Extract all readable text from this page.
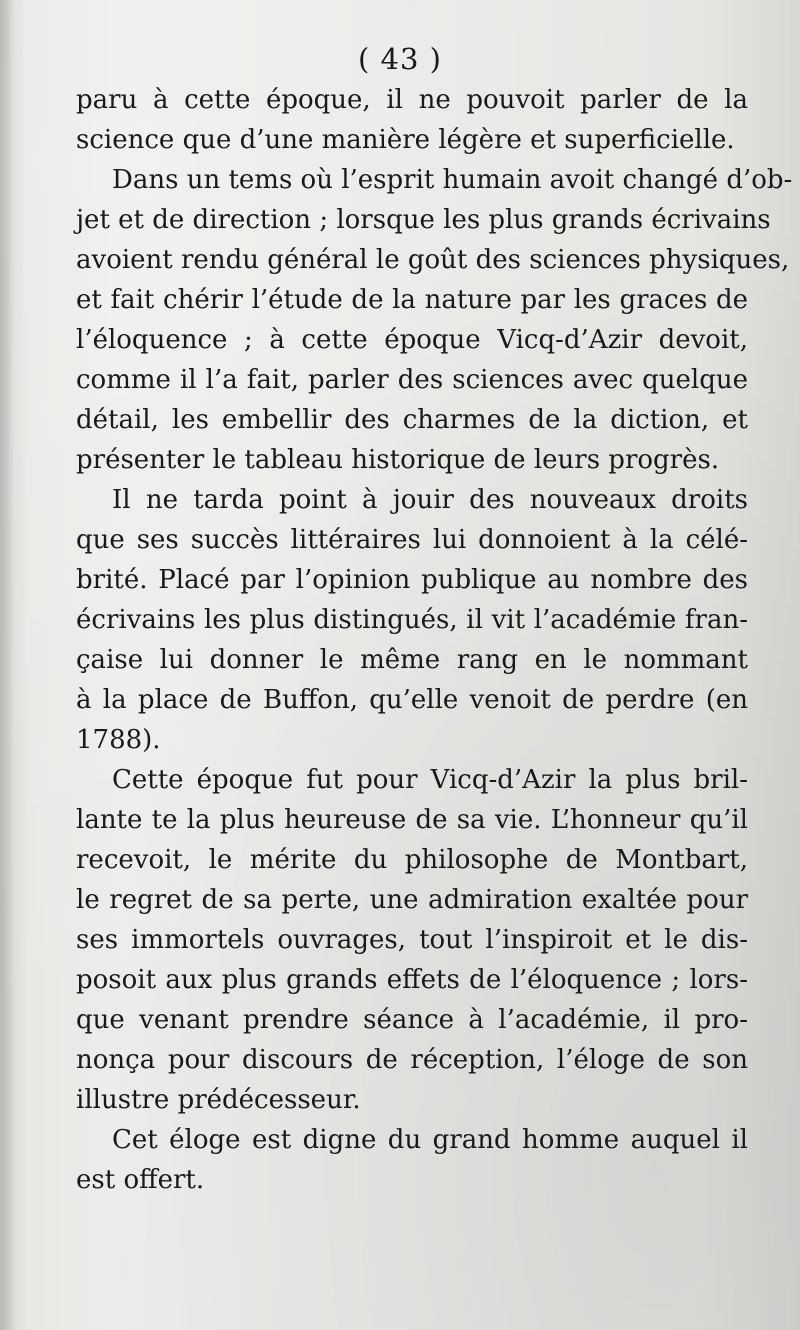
( 43 )

paru à cette époque, il ne pouvoit parler de la
science que d’une manière légère et superficielle.

Dans un tems où l’esprit humain avoit changé d’ob-
jet et de direction ; lorsque les plus grands écrivains
avoient rendu général le goût des sciences physiques,
et fait chérir l’étude de la nature par les graces de
l’éloquence ; à cette époque Vicq-d’Azir devoit,
comme il l’a fait, parler des sciences avec quelque
détail, les embellir des charmes de la diction, et
présenter le tableau historique de leurs progrès.

Il ne tarda point à jouir des nouveaux droits
que ses succès littéraires lui donnoient à la célé-
brité. Placé par l’opinion publique au nombre des
écrivains les plus distingués, il vit l’académie fran-
çaise lui donner le même rang en le nommant
à la place de Buffon, qu’elle venoit de perdre (en
1788).

Cette époque fut pour Vicq-d’Azir la plus bril-
lante te la plus heureuse de sa vie. L’honneur qu’il
recevoit, le mérite du philosophe de Montbart,
le regret de sa perte, une admiration exaltée pour
ses immortels ouvrages, tout l’inspiroit et le dis-
posoit aux plus grands effets de l’éloquence ; lors-
que venant prendre séance à l’académie, il pro-
nonça pour discours de réception, l’éloge de son
illustre prédécesseur.

Cet éloge est digne du grand homme auquel il
est offert.
